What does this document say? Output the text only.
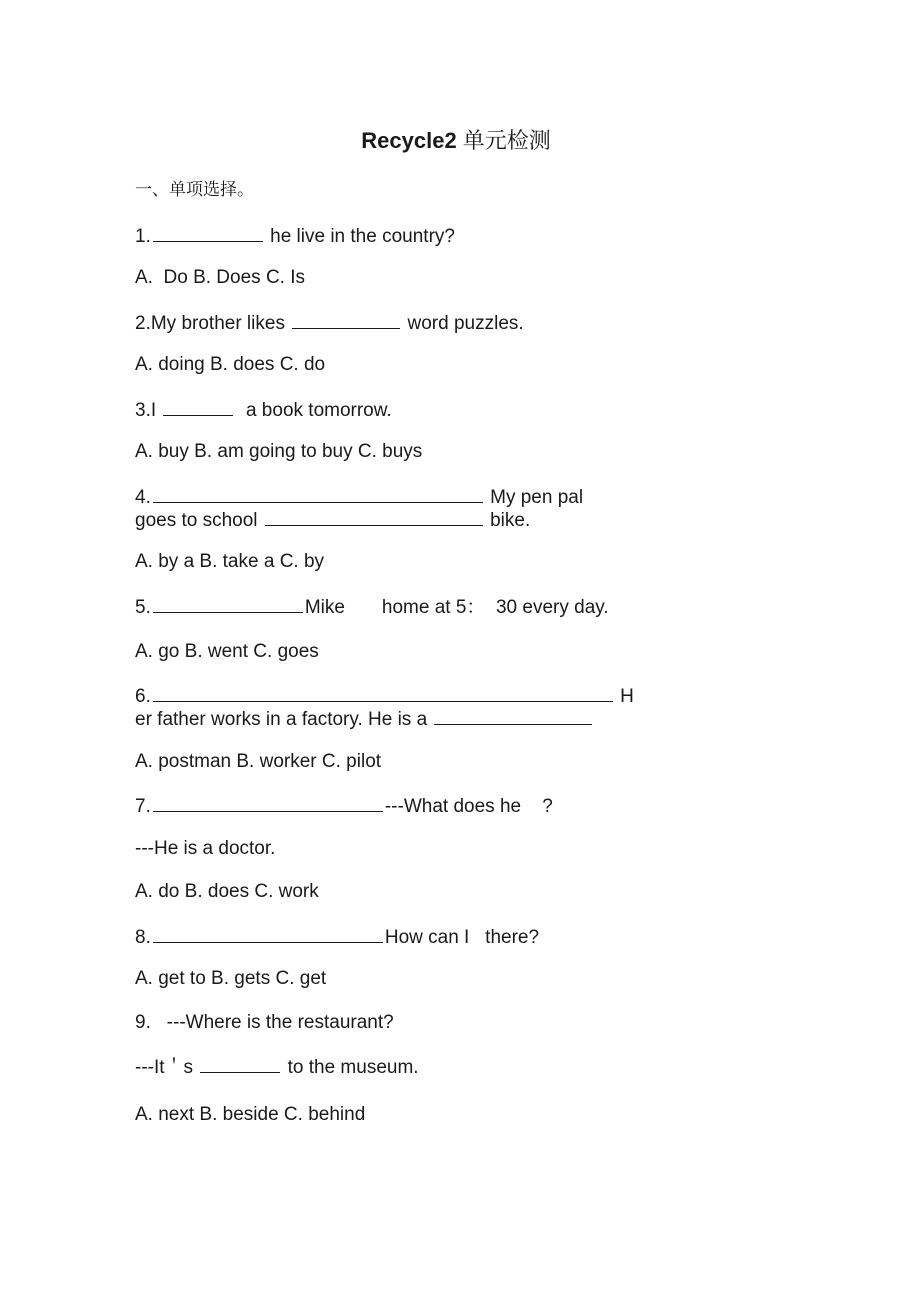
Recycle2 单元检测
一、单项选择。
1.	he live in the country?
A.  Do B. Does C. Is
2.My brother likes	word puzzles.
A. doing B. does C. do
3.I	a book tomorrow.
A. buy B. am going to buy C. buys
4.	My pen pal
goes to school	bike.
A. by a B. take a C. by
5.	Mike       home at 5：  30 every day.
A. go B. went C. goes
6.	H
er father works in a factory. He is a
A. postman B. worker C. pilot
7.	---What does he    ?
---He is a doctor.
A. do B. does C. work
8.	How can I   there?
A. get to B. gets C. get
9.   ---Where is the restaurant?
---It＇s	to the museum.
A. next B. beside C. behind
